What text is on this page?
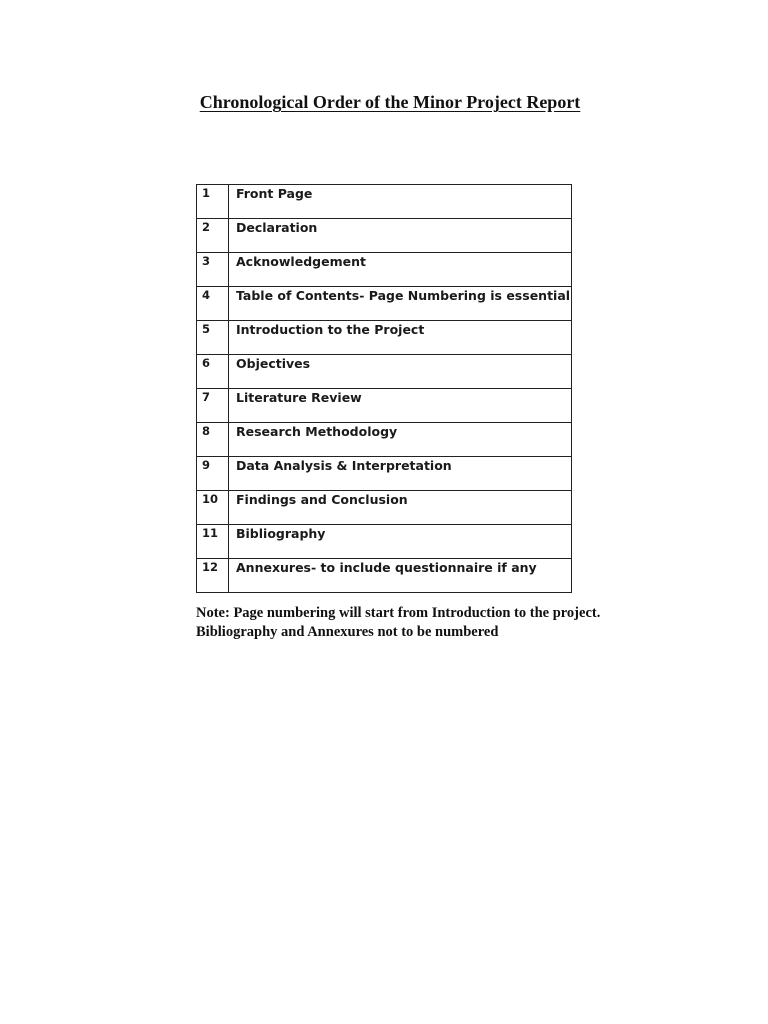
Chronological Order of the Minor Project Report
1	Front Page
2	Declaration
3	Acknowledgement
4	Table of Contents- Page Numbering is essential
5	Introduction to the Project
6	Objectives
7	Literature Review
8	Research Methodology
9	Data Analysis & Interpretation
10	Findings and Conclusion
11	Bibliography
12	Annexures- to include questionnaire if any

Note: Page numbering will start from Introduction to the project.

Bibliography and Annexures not to be numbered
